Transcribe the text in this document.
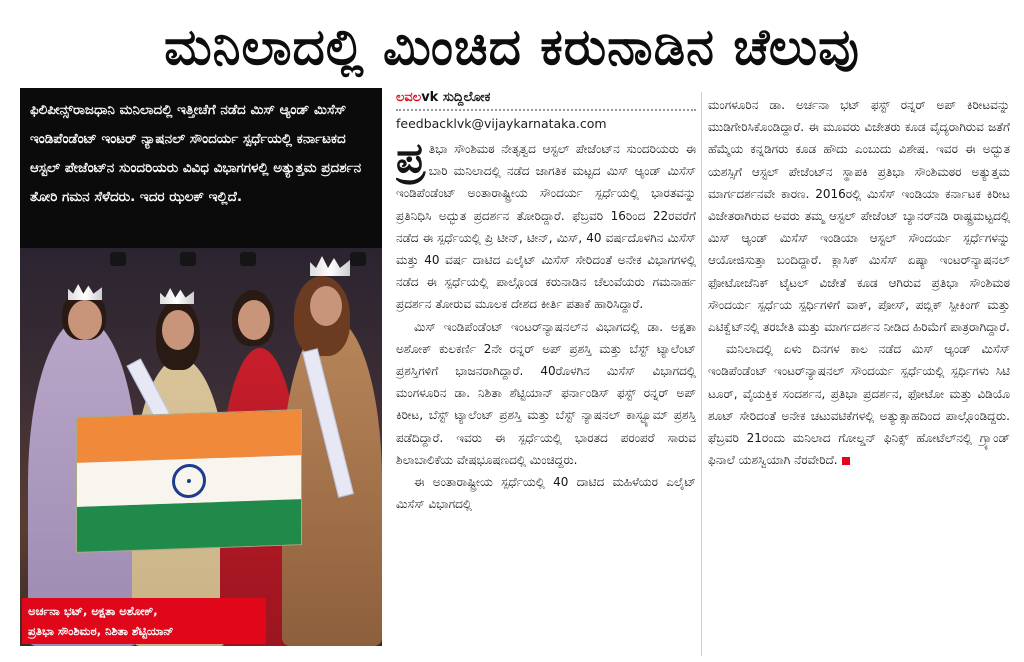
ಮನಿಲಾದಲ್ಲಿ ಮಿಂಚಿದ ಕರುನಾಡಿನ ಚೆಲುವು
ಫಿಲಿಪೀನ್ಸ್‌ರಾಜಧಾನಿ ಮನಿಲಾದಲ್ಲಿ ಇತ್ತೀಚೆಗೆ ನಡೆದ ಮಿಸ್ ಆ್ಯಂಡ್ ಮಿಸೆಸ್ ಇಂಡಿಪೆಂಡೆಂಟ್ ಇಂಟರ್ ನ್ಯಾಷನಲ್ ಸೌಂದರ್ಯ ಸ್ಪರ್ಧೆಯಲ್ಲಿ ಕರ್ನಾಟಕದ ಆಸ್ಟಲ್ ಪೇಜೆಂಟ್‌ನ ಸುಂದರಿಯರು ವಿವಿಧ ವಿಭಾಗಗಳಲ್ಲಿ ಅತ್ಯುತ್ತಮ ಪ್ರದರ್ಶನ ತೋರಿ ಗಮನ ಸೆಳೆದರು. ಇದರ ಝಲಕ್ ಇಲ್ಲಿದೆ.
ಅರ್ಚನಾ ಭಟ್, ಅಕ್ಷತಾ ಅಶೋಕ್,
ಪ್ರತಿಭಾ ಸೌಂಶಿಮಠ, ನಿಶಿತಾ ಶೆಟ್ಟಿಯಾನ್
ಲವಲvk ಸುದ್ದಿಲೋಕ
feedbacklvk@vijaykarnataka.com

ಪ್ರ ತಿಭಾ ಸೌಂಶಿಮಠ ನೇತೃತ್ವದ ಆಸ್ಟಲ್ ಪೇಜೆಂಟ್‌ನ ಸುಂದರಿಯರು ಈ ಬಾರಿ ಮನಿಲಾದಲ್ಲಿ ನಡೆದ ಜಾಗತಿಕ ಮಟ್ಟದ ಮಿಸ್ ಆ್ಯಂಡ್ ಮಿಸೆಸ್ ಇಂಡಿಪೆಂಡೆಂಟ್ ಅಂತಾರಾಷ್ಟ್ರೀಯ ಸೌಂದರ್ಯ ಸ್ಪರ್ಧೆಯಲ್ಲಿ ಭಾರತವನ್ನು ಪ್ರತಿನಿಧಿಸಿ ಅದ್ಭುತ ಪ್ರದರ್ಶನ ತೋರಿದ್ದಾರೆ. ಫೆಬ್ರವರಿ 16ರಿಂದ 22ರವರೆಗೆ ನಡೆದ ಈ ಸ್ಪರ್ಧೆಯಲ್ಲಿ ಪ್ರಿ ಟೀನ್, ಟೀನ್, ಮಿಸ್, 40 ವರ್ಷದೊಳಗಿನ ಮಿಸೆಸ್ ಮತ್ತು 40 ವರ್ಷ ದಾಟಿದ ಎಲೈಟ್ ಮಿಸೆಸ್ ಸೇರಿದಂತೆ ಅನೇಕ ವಿಭಾಗಗಳಲ್ಲಿ ನಡೆದ ಈ ಸ್ಪರ್ಧೆಯಲ್ಲಿ ಪಾಲ್ಗೊಂಡ ಕರುನಾಡಿನ ಚೆಲುವೆಯರು ಗಮನಾರ್ಹ ಪ್ರದರ್ಶನ ತೋರುವ ಮೂಲಕ ದೇಶದ ಕೀರ್ತಿ ಪತಾಕೆ ಹಾರಿಸಿದ್ದಾರೆ.

ಮಿಸ್ ಇಂಡಿಪೆಂಡೆಂಟ್ ಇಂಟರ್‌ನ್ಯಾಷನಲ್‌ನ ವಿಭಾಗದಲ್ಲಿ ಡಾ. ಅಕ್ಷತಾ ಅಶೋಕ್ ಕುಲಕರ್ಣಿ 2ನೇ ರನ್ನರ್ ಅಪ್ ಪ್ರಶಸ್ತಿ ಮತ್ತು ಬೆಸ್ಟ್ ಟ್ಯಾಲೆಂಟ್ ಪ್ರಶಸ್ತಿಗಳಿಗೆ ಭಾಜನರಾಗಿದ್ದಾರೆ. 40ರೊಳಗಿನ ಮಿಸೆಸ್ ವಿಭಾಗದಲ್ಲಿ ಮಂಗಳೂರಿನ ಡಾ. ನಿಶಿತಾ ಶೆಟ್ಟಿಯಾನ್ ಫರ್ನಾಂಡಿಸ್ ಫಸ್ಟ್ ರನ್ನರ್ ಅಪ್ ಕಿರೀಟ, ಬೆಸ್ಟ್ ಟ್ಯಾಲೆಂಟ್ ಪ್ರಶಸ್ತಿ ಮತ್ತು ಬೆಸ್ಟ್ ನ್ಯಾಷನಲ್ ಕಾಸ್ಟ್ಯೂಮ್ ಪ್ರಶಸ್ತಿ ಪಡೆದಿದ್ದಾರೆ. ಇವರು ಈ ಸ್ಪರ್ಧೆಯಲ್ಲಿ ಭಾರತದ ಪರಂಪರೆ ಸಾರುವ ಶಿಲಾಬಾಲಿಕೆಯ ವೇಷಭೂಷಣದಲ್ಲಿ ಮಿಂಚಿದ್ದರು.

ಈ ಅಂತಾರಾಷ್ಟ್ರೀಯ ಸ್ಪರ್ಧೆಯಲ್ಲಿ 40 ದಾಟಿದ ಮಹಿಳೆಯರ ಎಲೈಟ್ ಮಿಸೆಸ್ ವಿಭಾಗದಲ್ಲಿ

ಮಂಗಳೂರಿನ ಡಾ. ಅರ್ಚನಾ ಭಟ್ ಫಸ್ಟ್ ರನ್ನರ್ ಅಪ್ ಕಿರೀಟವನ್ನು ಮುಡಿಗೇರಿಸಿಕೊಂಡಿದ್ದಾರೆ. ಈ ಮೂವರು ವಿಜೇತರು ಕೂಡ ವೈದ್ಯರಾಗಿರುವ ಜತೆಗೆ ಹೆಮ್ಮೆಯ ಕನ್ನಡಿಗರು ಕೂಡ ಹೌದು ಎಂಬುದು ವಿಶೇಷ. ಇವರ ಈ ಅದ್ಭುತ ಯಶಸ್ಸಿಗೆ ಆಸ್ಟಲ್ ಪೇಜೆಂಟ್‌ನ ಸ್ಥಾಪಕಿ ಪ್ರತಿಭಾ ಸೌಂಶಿಮಠರ ಅತ್ಯುತ್ತಮ ಮಾರ್ಗದರ್ಶನವೇ ಕಾರಣ. 2016ರಲ್ಲಿ ಮಿಸೆಸ್ ಇಂಡಿಯಾ ಕರ್ನಾಟಕ ಕಿರೀಟ ವಿಜೇತರಾಗಿರುವ ಅವರು ತಮ್ಮ ಆಸ್ಟಲ್ ಪೇಜೆಂಟ್ ಬ್ಯಾನರ್‌ನಡಿ ರಾಷ್ಟ್ರಮಟ್ಟದಲ್ಲಿ ಮಿಸ್ ಆ್ಯಂಡ್ ಮಿಸೆಸ್ ಇಂಡಿಯಾ ಆಸ್ಟಲ್ ಸೌಂದರ್ಯ ಸ್ಪರ್ಧೆಗಳನ್ನು ಆಯೋಜಿಸುತ್ತಾ ಬಂದಿದ್ದಾರೆ. ಕ್ಲಾಸಿಕ್ ಮಿಸೆಸ್ ಏಷ್ಯಾ ಇಂಟರ್‌ನ್ಯಾಷನಲ್ ಫೋಟೋಜೆನಿಕ್ ಟೈಟಲ್ ವಿಜೇತೆ ಕೂಡ ಆಗಿರುವ ಪ್ರತಿಭಾ ಸೌಂಶಿಮಠ ಸೌಂದರ್ಯ ಸ್ಪರ್ಧೆಯ ಸ್ಪರ್ಧಿಗಳಿಗೆ ವಾಕ್, ಪೋಸ್, ಪಬ್ಲಿಕ್ ಸ್ಪೀಕಿಂಗ್ ಮತ್ತು ಎಟಿಕ್ವೆಟ್‌ನಲ್ಲಿ ತರಬೇತಿ ಮತ್ತು ಮಾರ್ಗದರ್ಶನ ನೀಡಿದ ಹಿರಿಮೆಗೆ ಪಾತ್ರರಾಗಿದ್ದಾರೆ.

ಮನಿಲಾದಲ್ಲಿ ಏಳು ದಿನಗಳ ಕಾಲ ನಡೆದ ಮಿಸ್ ಆ್ಯಂಡ್ ಮಿಸೆಸ್ ಇಂಡಿಪೆಂಡೆಂಟ್ ಇಂಟರ್‌ನ್ಯಾಷನಲ್ ಸೌಂದರ್ಯ ಸ್ಪರ್ಧೆಯಲ್ಲಿ ಸ್ಪರ್ಧಿಗಳು ಸಿಟಿ ಟೂರ್, ವೈಯಕ್ತಿಕ ಸಂದರ್ಶನ, ಪ್ರತಿಭಾ ಪ್ರದರ್ಶನ, ಫೋಟೋ ಮತ್ತು ವಿಡಿಯೊ ಶೂಟ್ ಸೇರಿದಂತೆ ಅನೇಕ ಚಟುವಟಿಕೆಗಳಲ್ಲಿ ಅತ್ಯುತ್ಸಾಹದಿಂದ ಪಾಲ್ಗೊಂಡಿದ್ದರು. ಫೆಬ್ರವರಿ 21ರಂದು ಮನಿಲಾದ ಗೋಲ್ಡನ್ ಫಿನಿಕ್ಸ್ ಹೋಟೆಲ್‌ನಲ್ಲಿ ಗ್ರ್ಯಾಂಡ್ ಫಿನಾಲೆ ಯಶಸ್ವಿಯಾಗಿ ನೆರವೇರಿದೆ.
